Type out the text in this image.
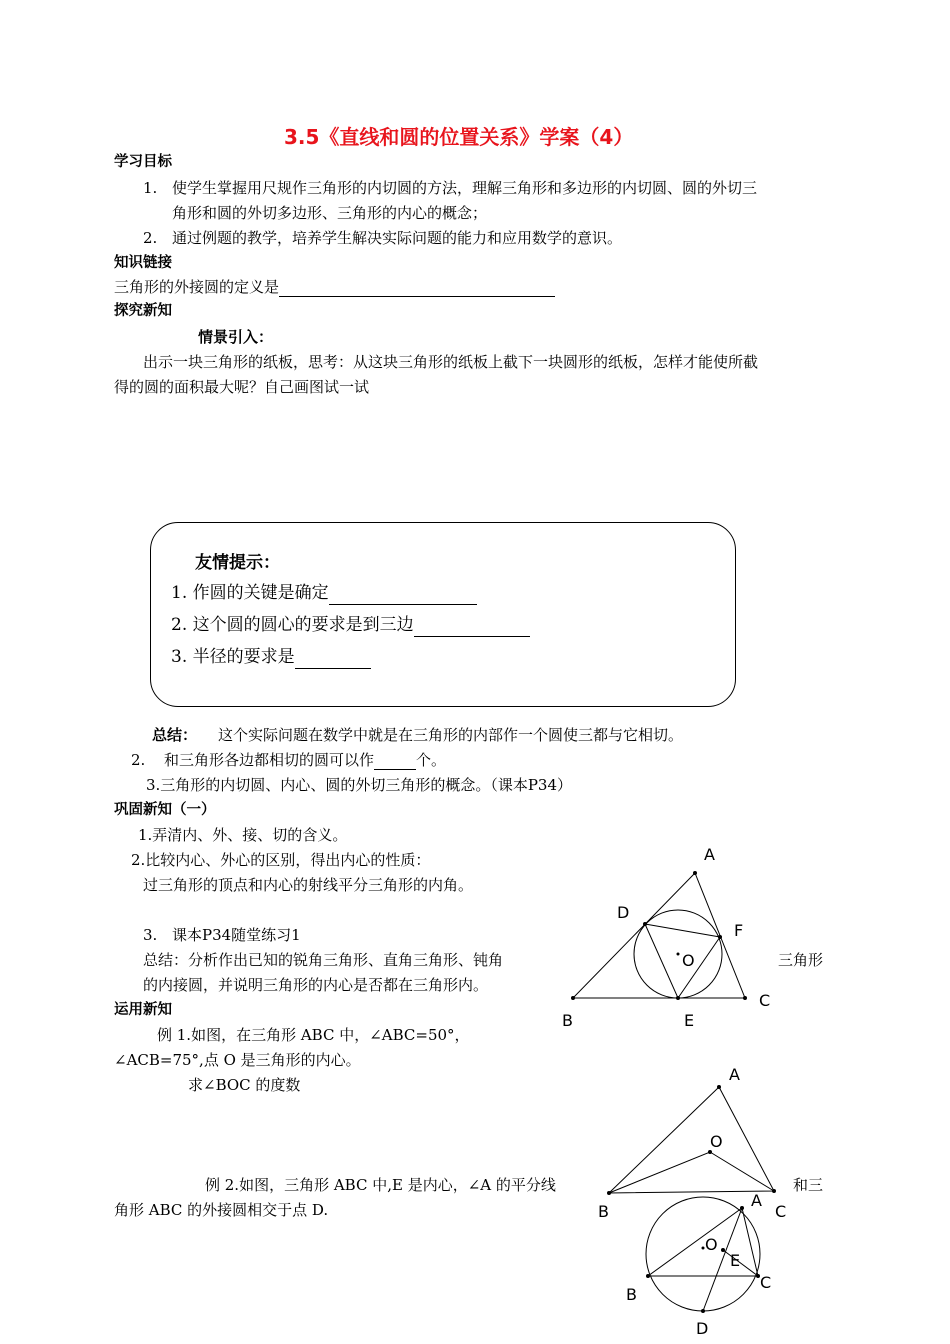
3.5《直线和圆的位置关系》学案（4）
学习目标
1. 使学生掌握用尺规作三角形的内切圆的方法，理解三角形和多边形的内切圆、圆的外切三
角形和圆的外切多边形、三角形的内心的概念；
2. 通过例题的教学，培养学生解决实际问题的能力和应用数学的意识。
知识链接
三角形的外接圆的定义是
探究新知
情景引入：
出示一块三角形的纸板，思考：从这块三角形的纸板上截下一块圆形的纸板，怎样才能使所截
得的圆的面积最大呢？自己画图试一试
友情提示：
1. 作圆的关键是确定
2. 这个圆的圆心的要求是到三边
3. 半径的要求是
总结： 这个实际问题在数学中就是在三角形的内部作一个圆使三都与它相切。
2. 和三角形各边都相切的圆可以作	个。
3.三角形的内切圆、内心、圆的外切三角形的概念。（课本P34）
巩固新知（一）
1.弄清内、外、接、切的含义。
2.比较内心、外心的区别，得出内心的性质：
过三角形的顶点和内心的射线平分三角形的内角。
3. 课本P34随堂练习1
总结：分析作出已知的锐角三角形、直角三角形、钝角	三角形
的内接圆，并说明三角形的内心是否都在三角形内。
运用新知
例 1.如图，在三角形 ABC 中，∠ABC=50°，
∠ACB=75°,点 O 是三角形的内心。
求∠BOC 的度数
例 2.如图，三角形 ABC 中,E 是内心，∠A 的平分线	和三
角形 ABC 的外接圆相交于点 D.
A
B
C
D
E
F
O
A
B	C
O
A
B
C
D
E
O
